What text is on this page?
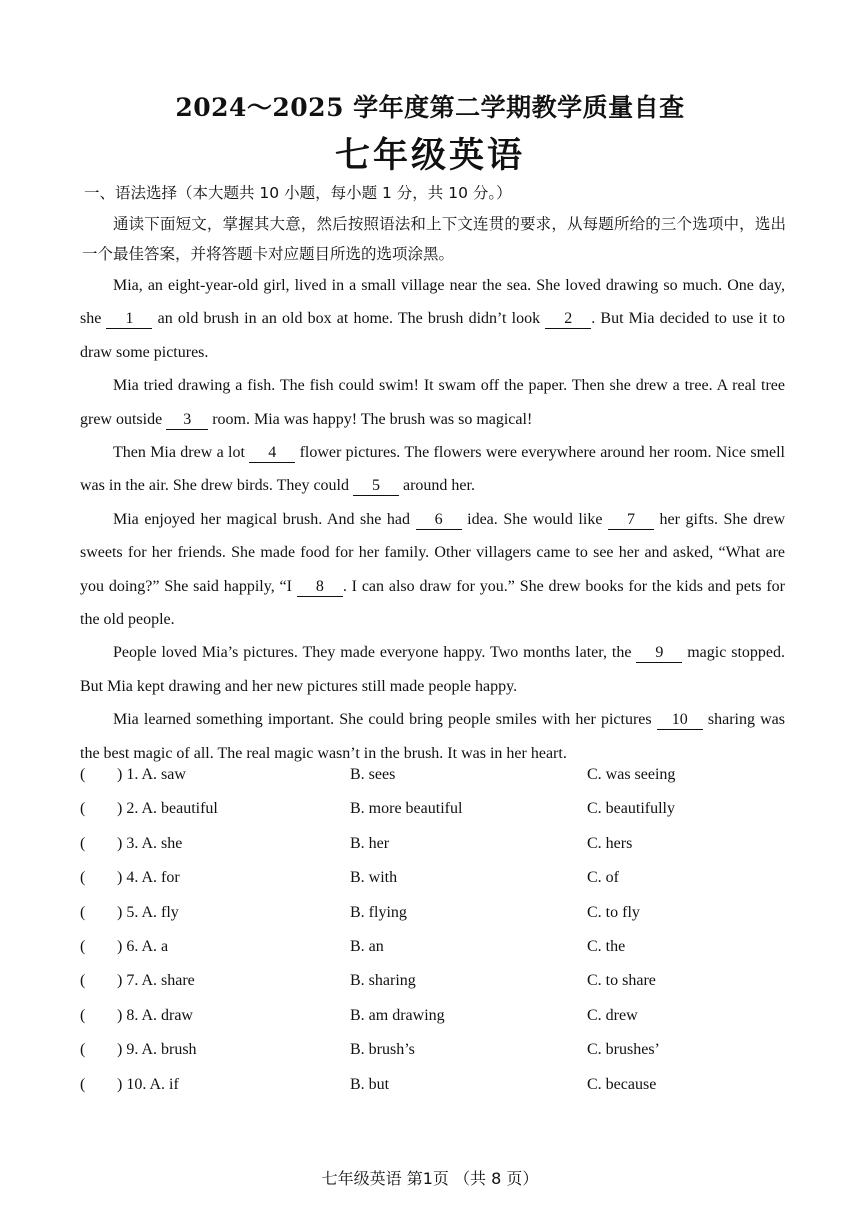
2024～2025 学年度第二学期教学质量自查
七年级英语
一、语法选择（本大题共 10 小题，每小题 1 分，共 10 分。）
通读下面短文，掌握其大意，然后按照语法和上下文连贯的要求，从每题所给的三个选项中，选出一个最佳答案，并将答题卡对应题目所选的选项涂黑。

Mia, an eight-year-old girl, lived in a small village near the sea. She loved drawing so much. One day, she 1 an old brush in an old box at home. The brush didn’t look 2 . But Mia decided to use it to draw some pictures.

Mia tried drawing a fish. The fish could swim! It swam off the paper. Then she drew a tree. A real tree grew outside 3 room. Mia was happy! The brush was so magical!

Then Mia drew a lot 4 flower pictures. The flowers were everywhere around her room. Nice smell was in the air. She drew birds. They could 5 around her.

Mia enjoyed her magical brush. And she had 6 idea. She would like 7 her gifts. She drew sweets for her friends. She made food for her family. Other villagers came to see her and asked, “What are you doing?” She said happily, “I 8 . I can also draw for you.” She drew books for the kids and pets for the old people.

People loved Mia’s pictures. They made everyone happy. Two months later, the 9 magic stopped. But Mia kept drawing and her new pictures still made people happy.

Mia learned something important. She could bring people smiles with her pictures 10 sharing was the best magic of all. The real magic wasn’t in the brush. It was in her heart.

( ) 1. A. saw	B. sees	C. was seeing
( ) 2. A. beautiful	B. more beautiful	C. beautifully
( ) 3. A. she	B. her	C. hers
( ) 4. A. for	B. with	C. of
( ) 5. A. fly	B. flying	C. to fly
( ) 6. A. a	B. an	C. the
( ) 7. A. share	B. sharing	C. to share
( ) 8. A. draw	B. am drawing	C. drew
( ) 9. A. brush	B. brush’s	C. brushes’
( ) 10. A. if	B. but	C. because
七年级英语 第1页 （共 8 页）
